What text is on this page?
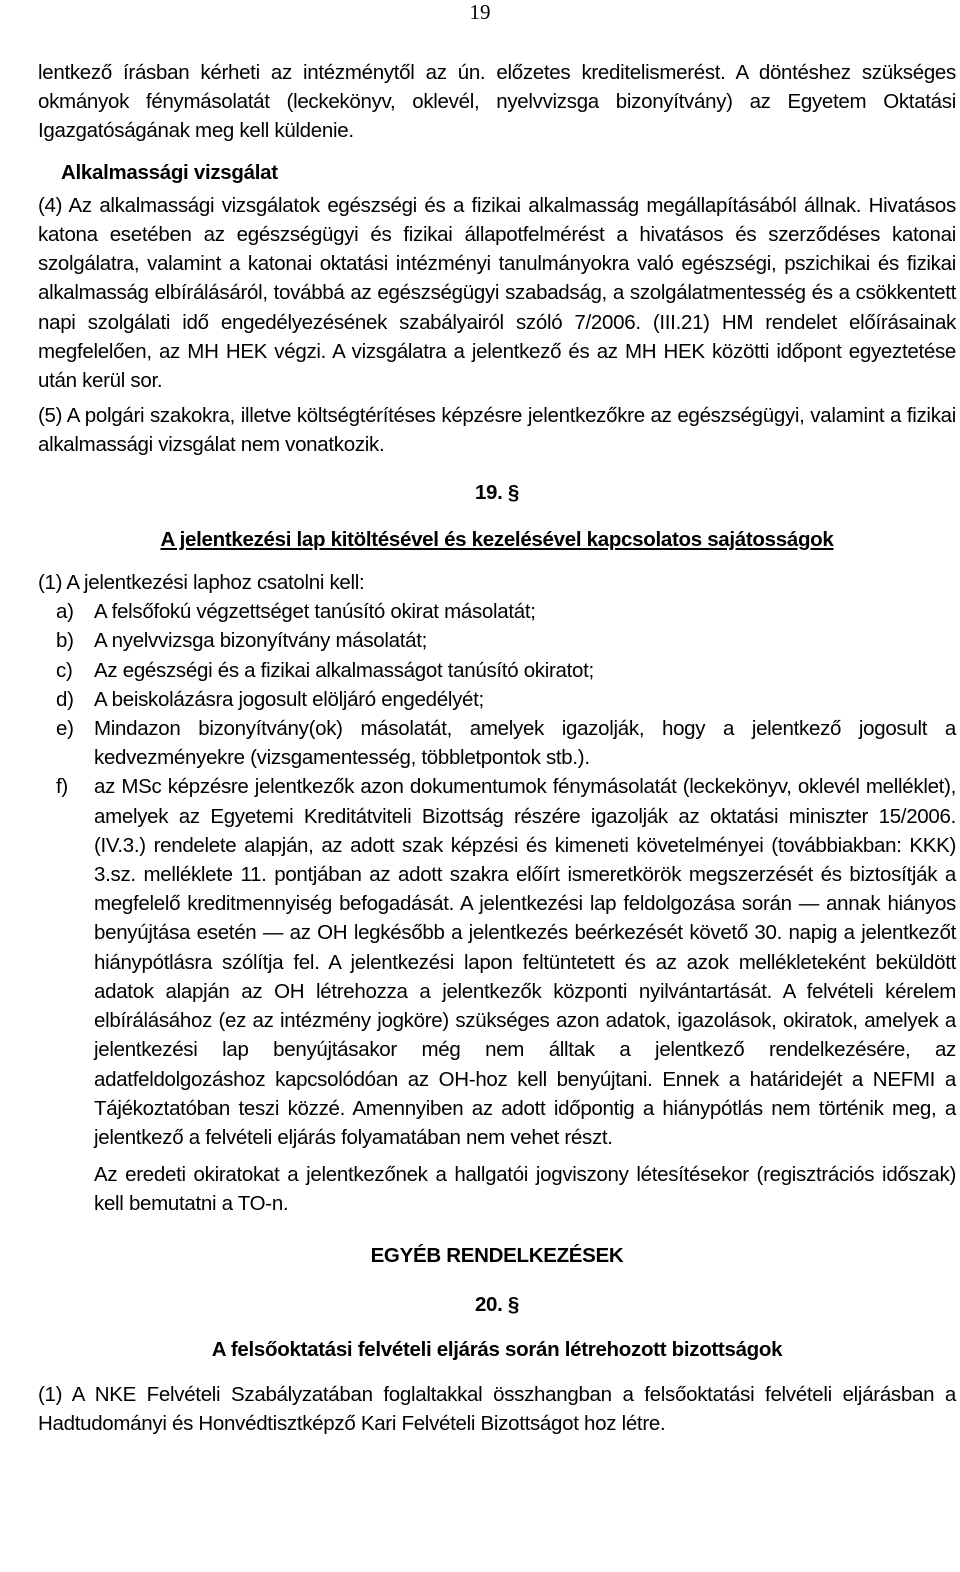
19

lentkező írásban kérheti az intézménytől az ún. előzetes kreditelismerést. A döntéshez szükséges okmányok fénymásolatát (leckekönyv, oklevél, nyelvvizsga bizonyítvány) az Egyetem Oktatási Igazgatóságának meg kell küldenie.

Alkalmassági vizsgálat

(4) Az alkalmassági vizsgálatok egészségi és a fizikai alkalmasság megállapításából állnak. Hivatásos katona esetében az egészségügyi és fizikai állapotfelmérést a hivatásos és szerződéses katonai szolgálatra, valamint a katonai oktatási intézményi tanulmányokra való egészségi, pszichikai és fizikai alkalmasság elbírálásáról, továbbá az egészségügyi szabadság, a szolgálatmentesség és a csökkentett napi szolgálati idő engedélyezésének szabályairól szóló 7/2006. (III.21) HM rendelet előírásainak megfelelően, az MH HEK végzi. A vizsgálatra a jelentkező és az MH HEK közötti időpont egyeztetése után kerül sor.

(5) A polgári szakokra, illetve költségtérítéses képzésre jelentkezőkre az egészségügyi, valamint a fizikai alkalmassági vizsgálat nem vonatkozik.

19. §
A jelentkezési lap kitöltésével és kezelésével kapcsolatos sajátosságok

(1) A jelentkezési laphoz csatolni kell:

a) A felsőfokú végzettséget tanúsító okirat másolatát;
b) A nyelvvizsga bizonyítvány másolatát;
c)	Az egészségi és a fizikai alkalmasságot tanúsító okiratot;
d) A beiskolázásra jogosult elöljáró engedélyét;
e) Mindazon bizonyítvány(ok) másolatát, amelyek igazolják, hogy a jelentkező jogosult a kedvezményekre (vizsgamentesség, többletpontok stb.).
f)	az MSc képzésre jelentkezők azon dokumentumok fénymásolatát (leckekönyv, oklevél melléklet), amelyek az Egyetemi Kreditátviteli Bizottság részére igazolják az oktatási miniszter 15/2006. (IV.3.) rendelete alapján, az adott szak képzési és kimeneti követelményei (továbbiakban: KKK) 3.sz. melléklete 11. pontjában az adott szakra előírt ismeretkörök megszerzését és biztosítják a megfelelő kreditmennyiség befogadását. A jelentkezési lap feldolgozása során — annak hiányos benyújtása esetén — az OH legkésőbb a jelentkezés beérkezését követő 30. napig a jelentkezőt hiánypótlásra szólítja fel. A jelentkezési lapon feltüntetett és az azok mellékleteként beküldött adatok alapján az OH létrehozza a jelentkezők központi nyilvántartását. A felvételi kérelem elbírálásához (ez az intézmény jogköre) szükséges azon adatok, igazolások, okiratok, amelyek a jelentkezési lap benyújtásakor még nem álltak a jelentkező rendelkezésére, az adatfeldolgozáshoz kapcsolódóan az OH-hoz kell benyújtani. Ennek a határidejét a NEFMI a Tájékoztatóban teszi közzé. Amennyiben az adott időpontig a hiánypótlás nem történik meg, a jelentkező a felvételi eljárás folyamatában nem vehet részt.

Az eredeti okiratokat a jelentkezőnek a hallgatói jogviszony létesítésekor (regisztrációs időszak) kell bemutatni a TO-n.

EGYÉB RENDELKEZÉSEK
20. §
A felsőoktatási felvételi eljárás során létrehozott bizottságok

(1) A NKE Felvételi Szabályzatában foglaltakkal összhangban a felsőoktatási felvételi eljárásban a Hadtudományi és Honvédtisztképző Kari Felvételi Bizottságot hoz létre.
